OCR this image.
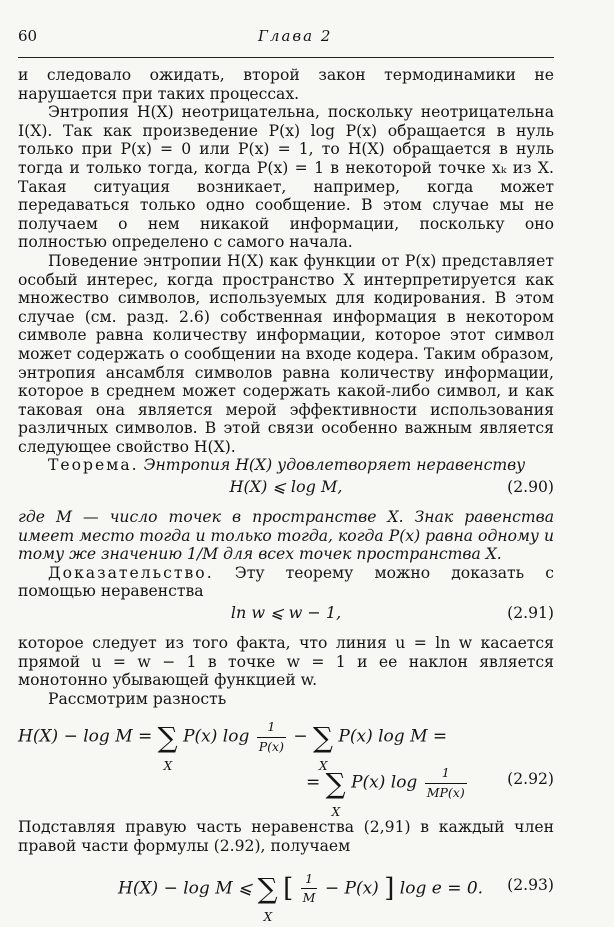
60	Глава 2

и следовало ожидать, второй закон термодинамики не нарушается при таких процессах.

Энтропия H(X) неотрицательна, поскольку неотрицательна I(X). Так как произведение P(x) log P(x) обращается в нуль только при P(x) = 0 или P(x) = 1, то H(X) обращается в нуль тогда и только тогда, когда P(x) = 1 в некоторой точке xₖ из X. Такая ситуация возникает, например, когда может передаваться только одно сообщение. В этом случае мы не получаем о нем никакой информации, поскольку оно полностью определено с самого начала.

Поведение энтропии H(X) как функции от P(x) представляет особый интерес, когда пространство X интерпретируется как множество символов, используемых для кодирования. В этом случае (см. разд. 2.6) собственная информация в некотором символе равна количеству информации, которое этот символ может содержать о сообщении на входе кодера. Таким образом, энтропия ансамбля символов равна количеству информации, которое в среднем может содержать какой-либо символ, и как таковая она является мерой эффективности использования различных символов. В этой связи особенно важным является следующее свойство H(X).

Теорема. Энтропия H(X) удовлетворяет неравенству

H(X) ⩽ log M,	(2.90)

где M — число точек в пространстве X. Знак равенства имеет место тогда и только тогда, когда P(x) равна одному и тому же значению 1/M для всех точек пространства X.

Доказательство. Эту теорему можно доказать с помощью неравенства

ln w ⩽ w − 1,	(2.91)

которое следует из того факта, что линия u = ln w касается прямой u = w − 1 в точке w = 1 и ее наклон является монотонно убывающей функцией w.

Рассмотрим разность

H(X) − log M = ∑
X
P(x) $\log \frac{1}{P(x)}$ − ∑
X
P(x) log M =
= ∑
X
P(x) $\log \frac{1}{MP(x)}$	(2.92)

Подставляя правую часть неравенства (2,91) в каждый член правой части формулы (2.92), получаем

H(X) − log M ⩽ ∑
X
[ $\frac{1}{M} - P(x)$ ] log e = 0. (2.93)
